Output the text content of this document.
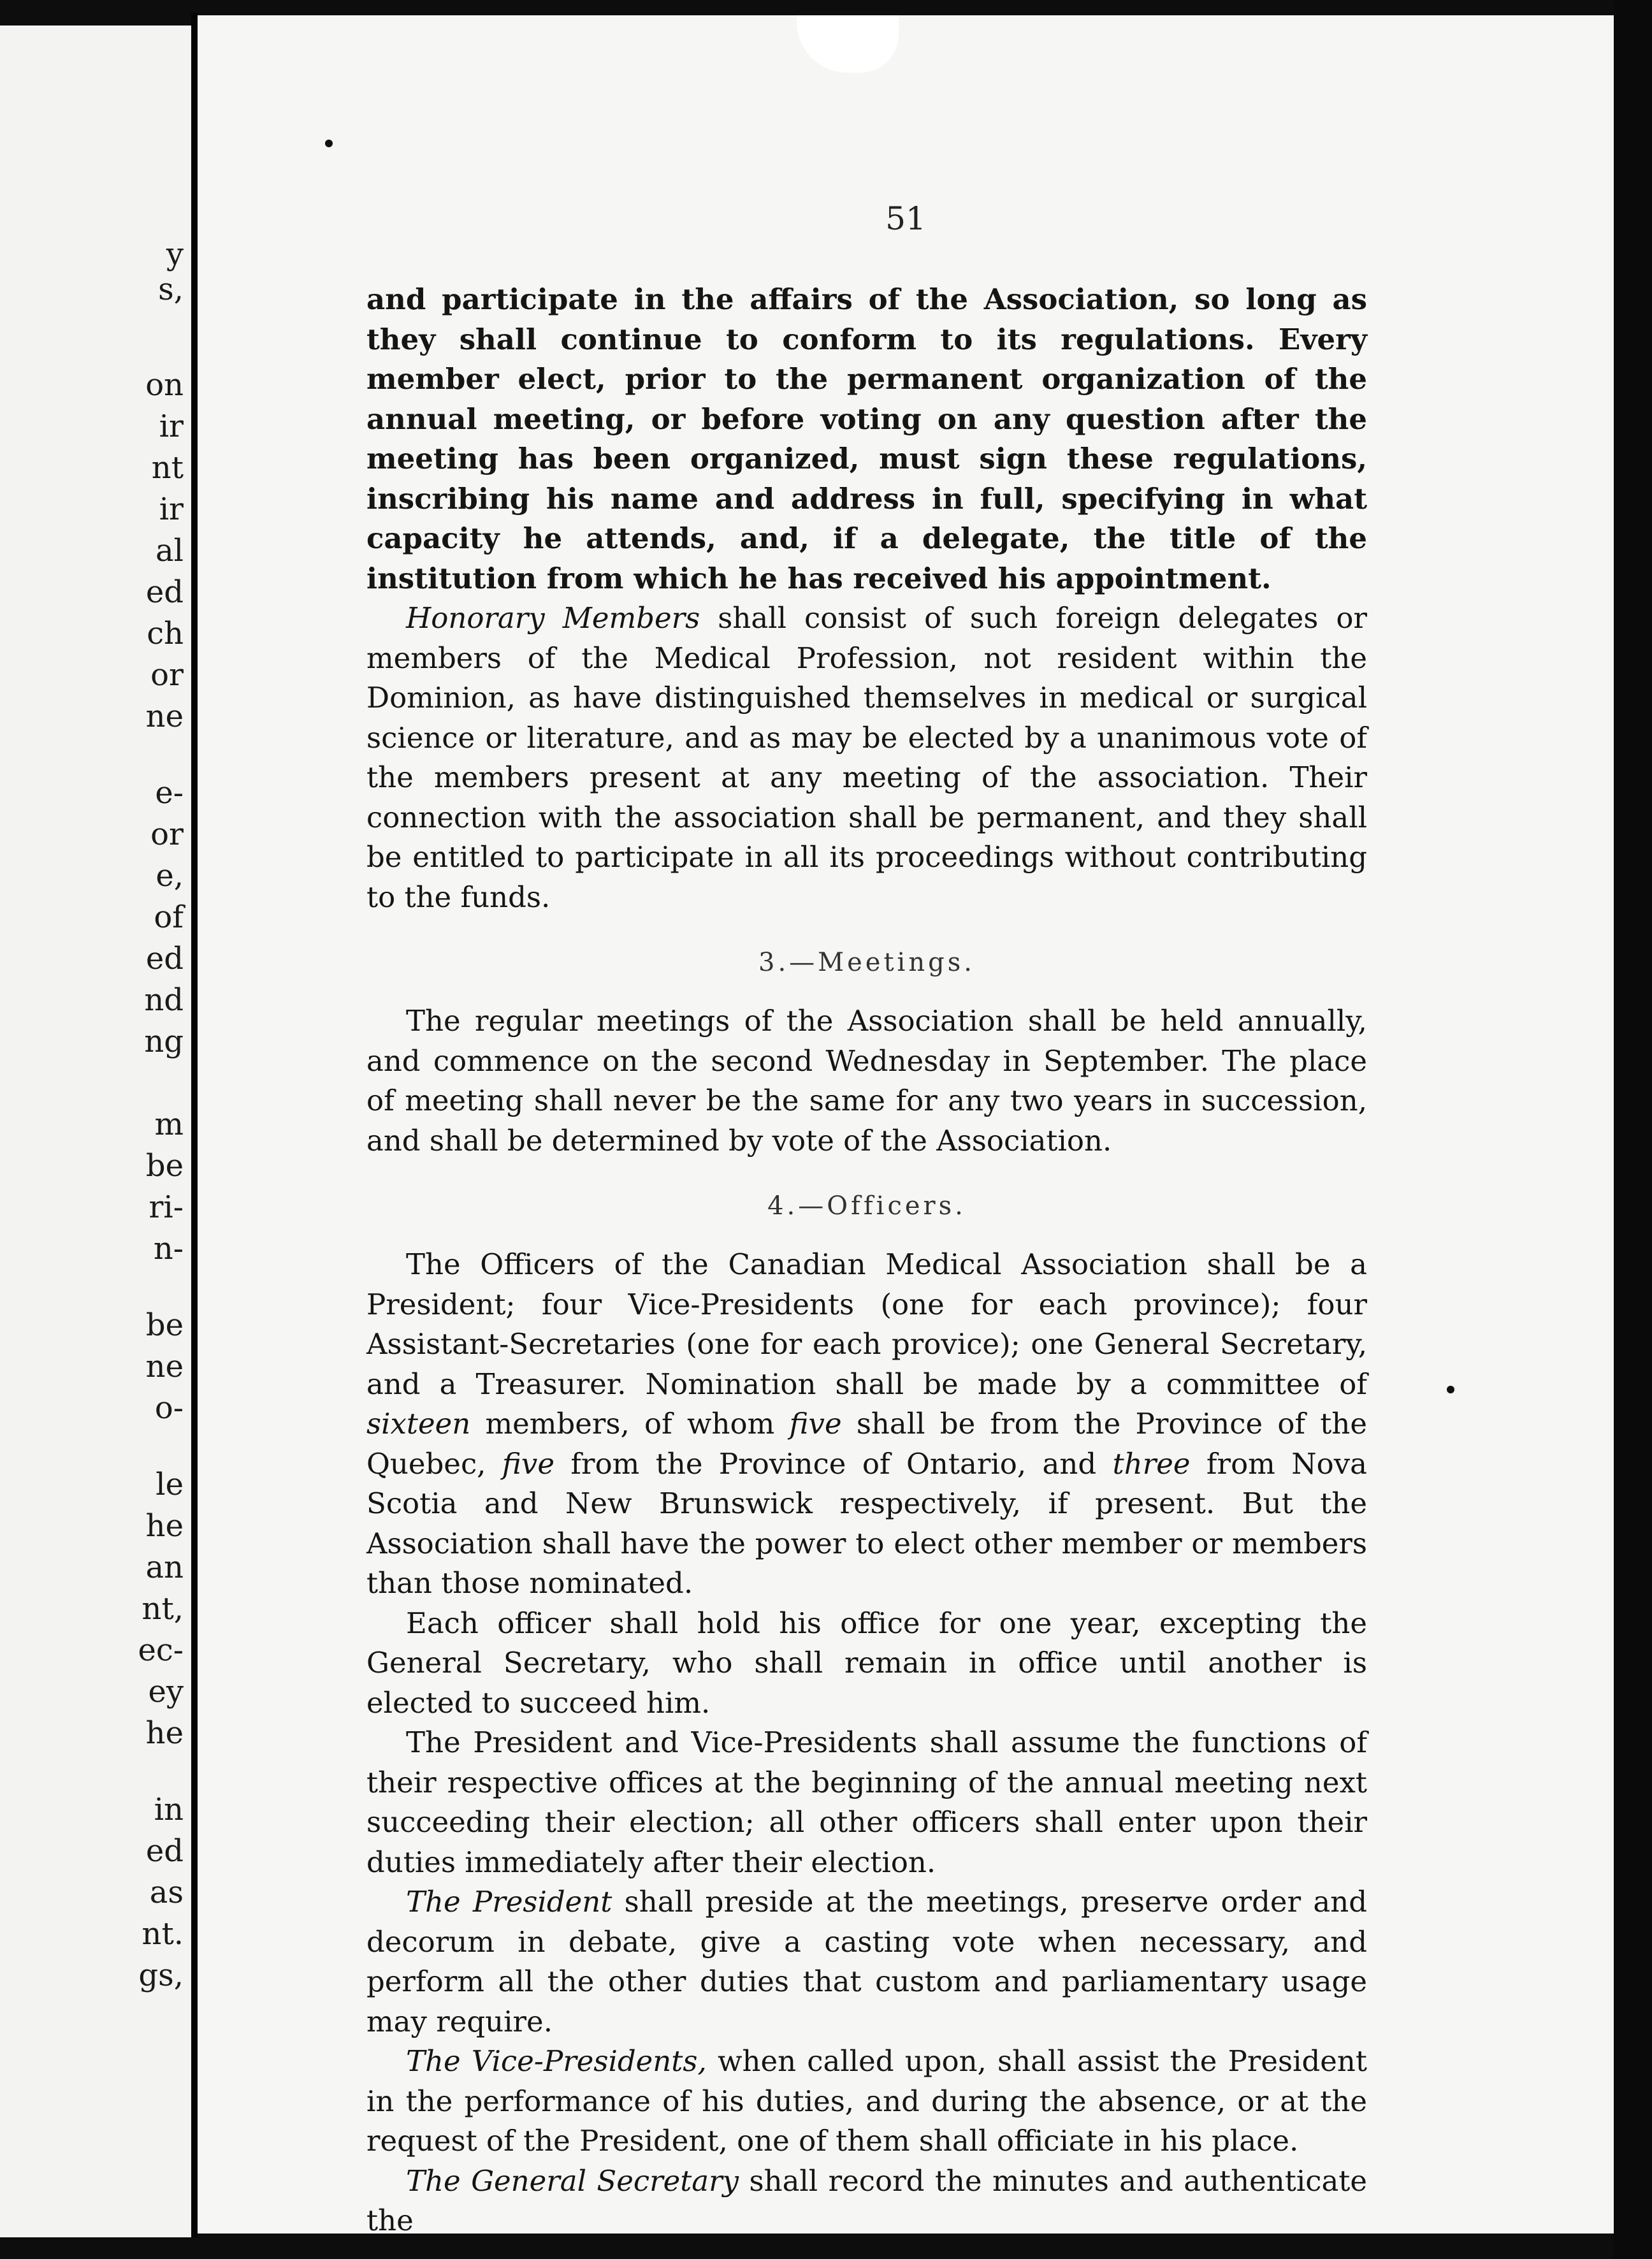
y
s,
on
ir
nt
ir
al
ed
ch
or
ne
e-
or
e,
of
ed
nd
ng
m
be
ri-
n-
be
ne
o-
le
he
an
nt,
ec-
ey
he
in
ed
as
nt.
gs,
51

and participate in the affairs of the Association, so long as they shall continue to conform to its regulations. Every member elect, prior to the permanent organization of the annual meeting, or before voting on any question after the meeting has been organized, must sign these regulations, inscribing his name and address in full, specifying in what capacity he attends, and, if a delegate, the title of the institution from which he has received his appointment.

Honorary Members shall consist of such foreign delegates or members of the Medical Profession, not resident within the Dominion, as have distinguished themselves in medical or surgical science or literature, and as may be elected by a unanimous vote of the members present at any meeting of the association. Their connection with the association shall be permanent, and they shall be entitled to participate in all its proceedings without contributing to the funds.

3.—Meetings.

The regular meetings of the Association shall be held annually, and commence on the second Wednesday in September. The place of meeting shall never be the same for any two years in succession, and shall be determined by vote of the Association.

4.—Officers.

The Officers of the Canadian Medical Association shall be a President; four Vice-Presidents (one for each province); four Assistant-Secretaries (one for each provice); one General Secretary, and a Treasurer. Nomination shall be made by a committee of sixteen members, of whom five shall be from the Province of the Quebec, five from the Province of Ontario, and three from Nova Scotia and New Brunswick respectively, if present. But the Association shall have the power to elect other member or members than those nominated.

Each officer shall hold his office for one year, excepting the General Secretary, who shall remain in office until another is elected to succeed him.

The President and Vice-Presidents shall assume the functions of their respective offices at the beginning of the annual meeting next succeeding their election; all other officers shall enter upon their duties immediately after their election.

The President shall preside at the meetings, preserve order and decorum in debate, give a casting vote when necessary, and perform all the other duties that custom and parliamentary usage may require.

The Vice-Presidents, when called upon, shall assist the President in the performance of his duties, and during the absence, or at the request of the President, one of them shall officiate in his place.

The General Secretary shall record the minutes and authenticate the
